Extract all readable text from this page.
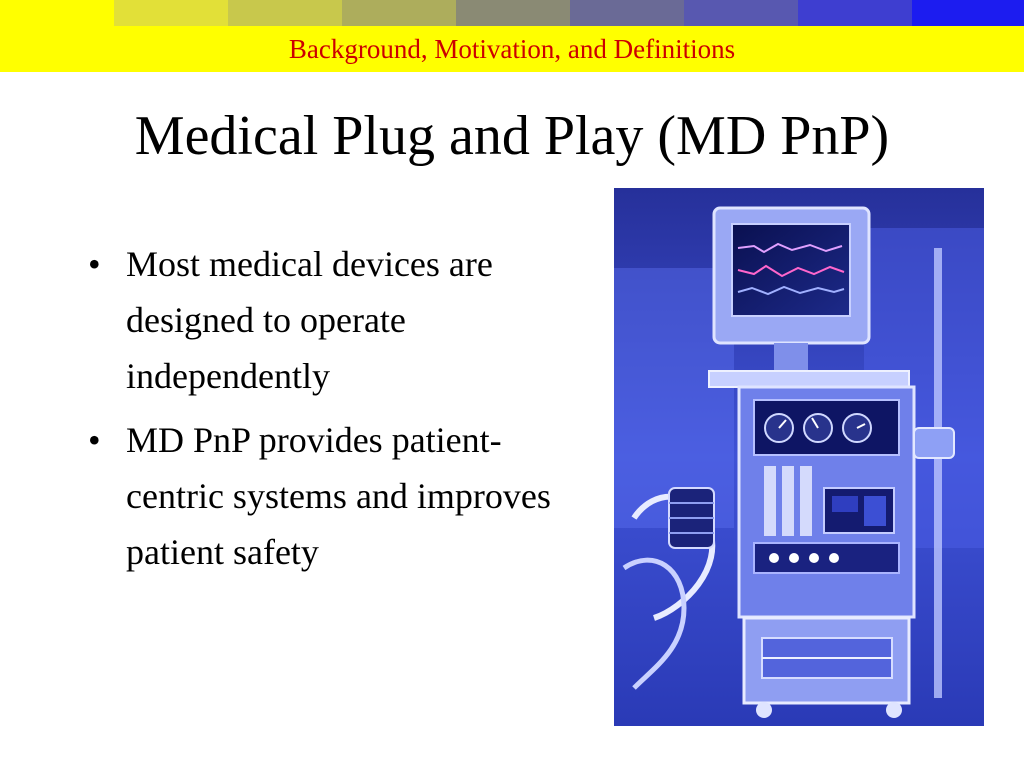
Background, Motivation, and Definitions
Medical Plug and Play (MD PnP)
• Most medical devices are designed to operate independently
• MD PnP provides patient-centric systems and improves patient safety
